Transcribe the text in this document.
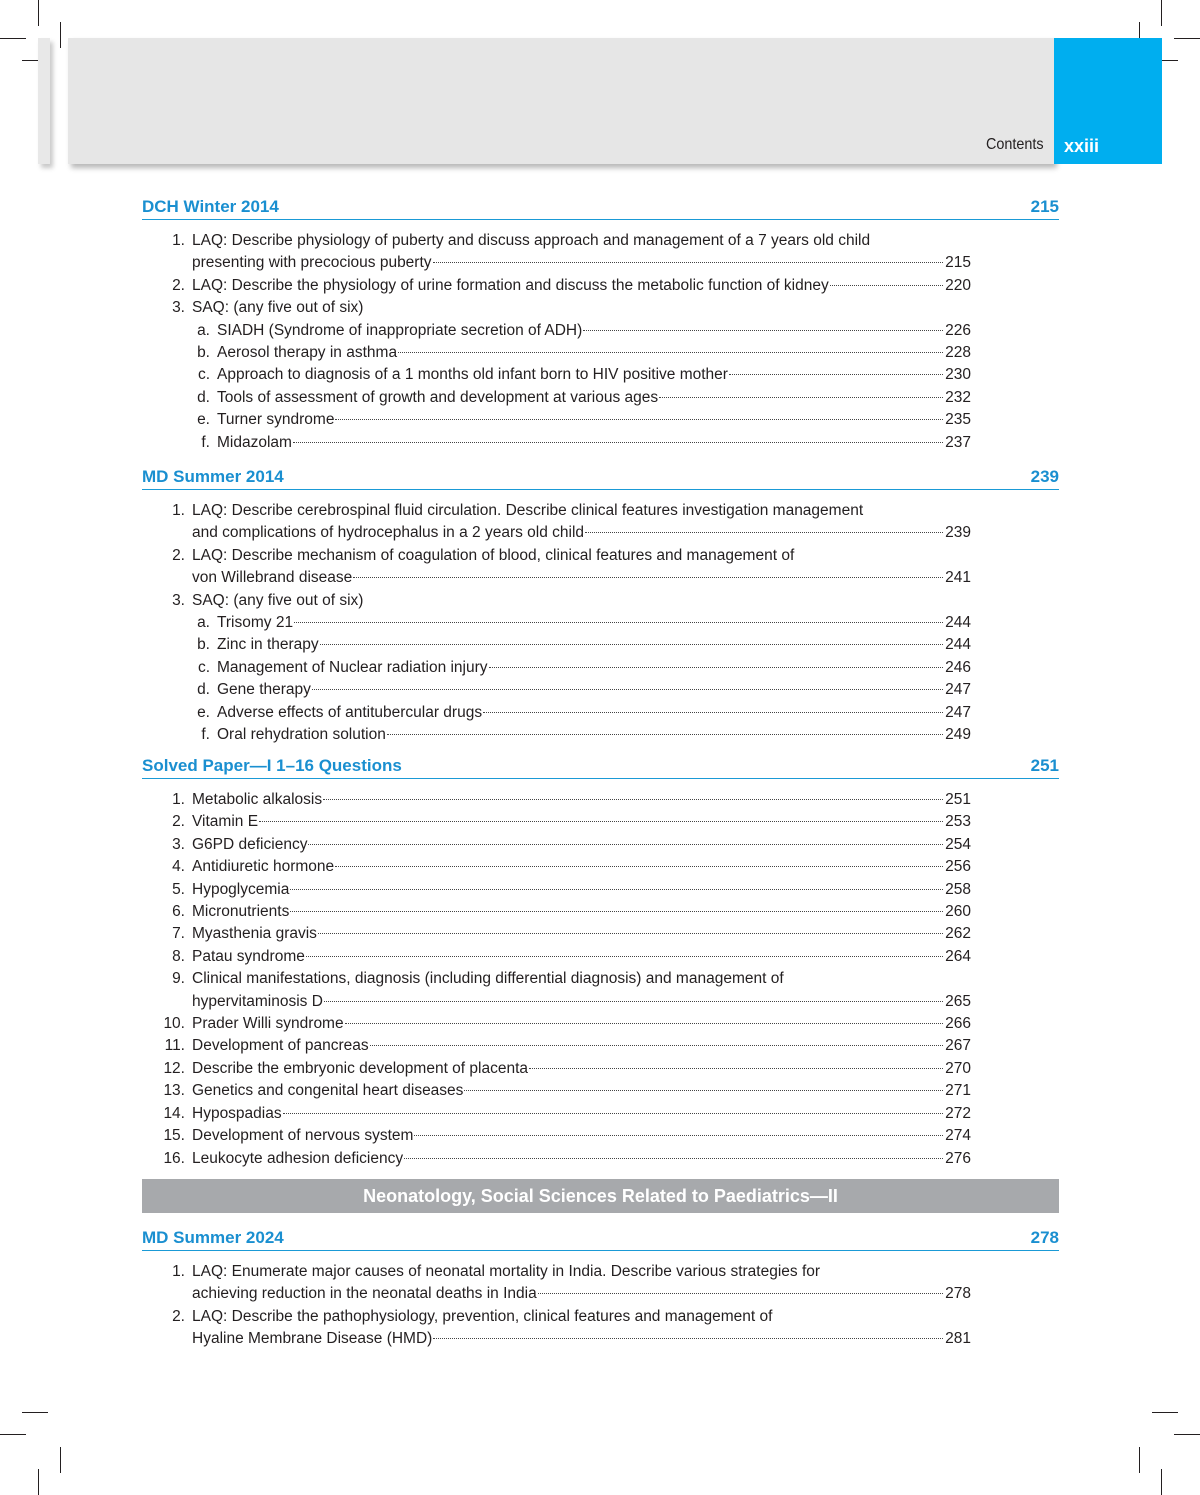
Contents xxiii
DCH Winter 2014	215
1. LAQ: Describe physiology of puberty and discuss approach and management of a 7 years old child
presenting with precocious puberty	215
2. LAQ: Describe the physiology of urine formation and discuss the metabolic function of kidney	220
3. SAQ: (any five out of six)
a. SIADH (Syndrome of inappropriate secretion of ADH)	226
b. Aerosol therapy in asthma	228
c. Approach to diagnosis of a 1 months old infant born to HIV positive mother	230
d. Tools of assessment of growth and development at various ages	232
e. Turner syndrome	235
f. Midazolam	237
MD Summer 2014	239
1. LAQ: Describe cerebrospinal fluid circulation. Describe clinical features investigation management
and complications of hydrocephalus in a 2 years old child	239
2. LAQ: Describe mechanism of coagulation of blood, clinical features and management of
von Willebrand disease	241
3. SAQ: (any five out of six)
a. Trisomy 21	244
b. Zinc in therapy	244
c. Management of Nuclear radiation injury	246
d. Gene therapy	247
e. Adverse effects of antitubercular drugs	247
f. Oral rehydration solution	249
Solved Paper—I 1–16 Questions	251
1. Metabolic alkalosis	251
2. Vitamin E	253
3. G6PD deficiency	254
4. Antidiuretic hormone	256
5. Hypoglycemia	258
6. Micronutrients	260
7. Myasthenia gravis	262
8. Patau syndrome	264
9. Clinical manifestations, diagnosis (including differential diagnosis) and management of
hypervitaminosis D	265
10. Prader Willi syndrome	266
11. Development of pancreas	267
12. Describe the embryonic development of placenta	270
13. Genetics and congenital heart diseases	271
14. Hypospadias	272
15. Development of nervous system	274
16. Leukocyte adhesion deficiency	276
MD Summer 2024	278
1. LAQ: Enumerate major causes of neonatal mortality in India. Describe various strategies for
achieving reduction in the neonatal deaths in India	278
2. LAQ: Describe the pathophysiology, prevention, clinical features and management of
Hyaline Membrane Disease (HMD)	281
Neonatology, Social Sciences Related to Paediatrics—II
